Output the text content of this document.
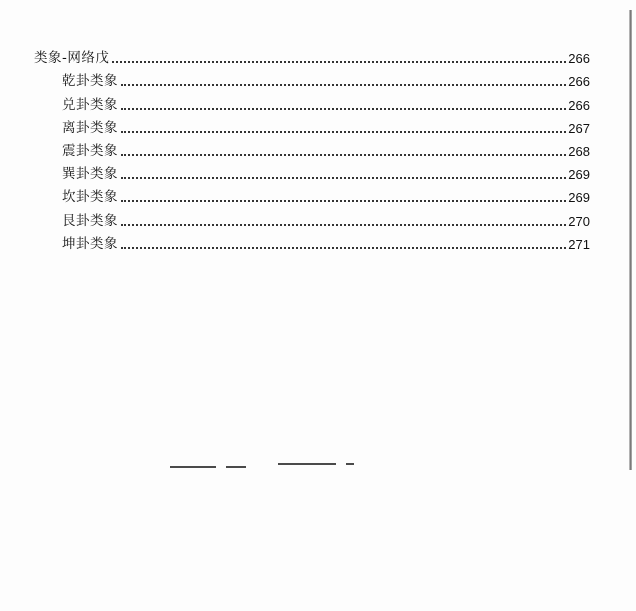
类象-网络戊	266
乾卦类象	266
兑卦类象	266
离卦类象	267
震卦类象	268
巽卦类象	269
坎卦类象	269
艮卦类象	270
坤卦类象	271
